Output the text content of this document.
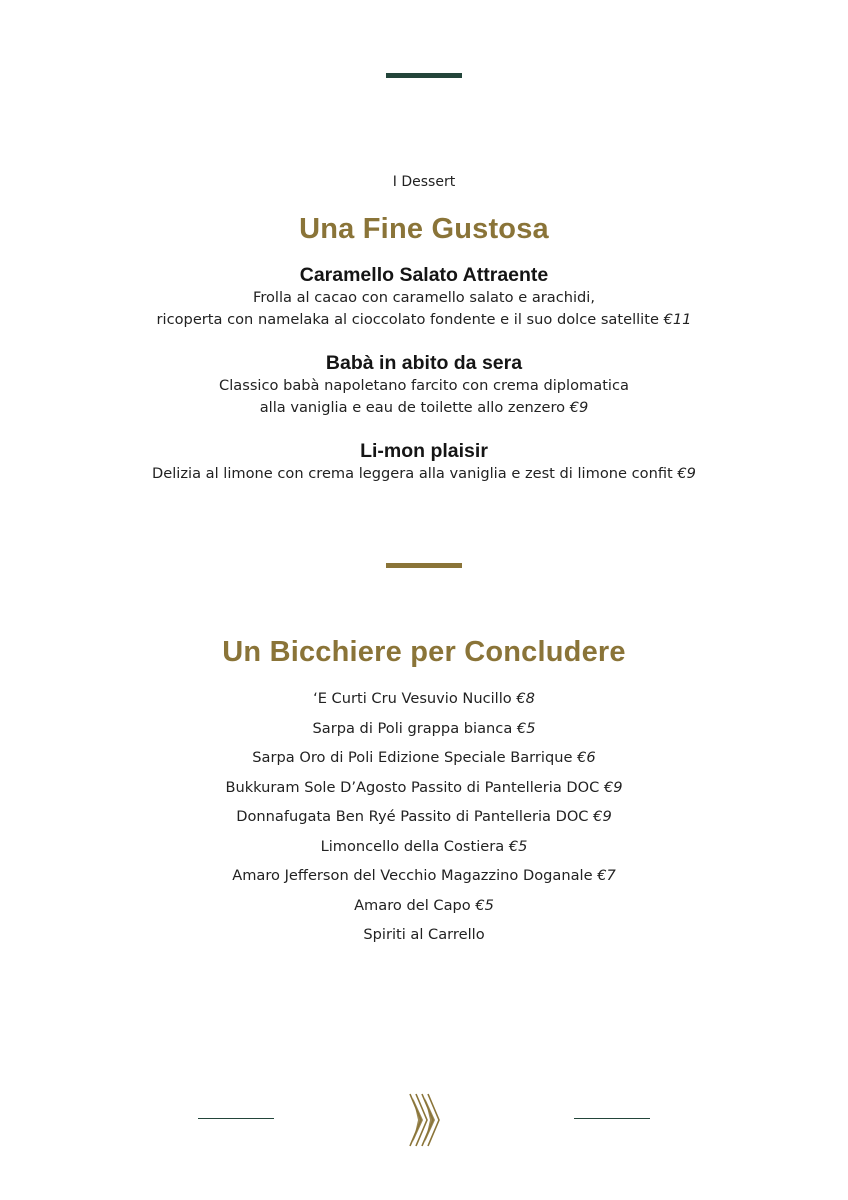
I Dessert
Una Fine Gustosa
Caramello Salato Attraente
Frolla al cacao con caramello salato e arachidi,
ricoperta con namelaka al cioccolato fondente e il suo dolce satellite €11
Babà in abito da sera
Classico babà napoletano farcito con crema diplomatica
alla vaniglia e eau de toilette allo zenzero €9
Li-mon plaisir
Delizia al limone con crema leggera alla vaniglia e zest di limone confit €9
Un Bicchiere per Concludere
‘E Curti Cru Vesuvio Nucillo €8
Sarpa di Poli grappa bianca €5
Sarpa Oro di Poli Edizione Speciale Barrique €6
Bukkuram Sole D’Agosto Passito di Pantelleria DOC €9
Donnafugata Ben Ryé Passito di Pantelleria DOC €9
Limoncello della Costiera €5
Amaro Jefferson del Vecchio Magazzino Doganale €7
Amaro del Capo €5
Spiriti al Carrello
